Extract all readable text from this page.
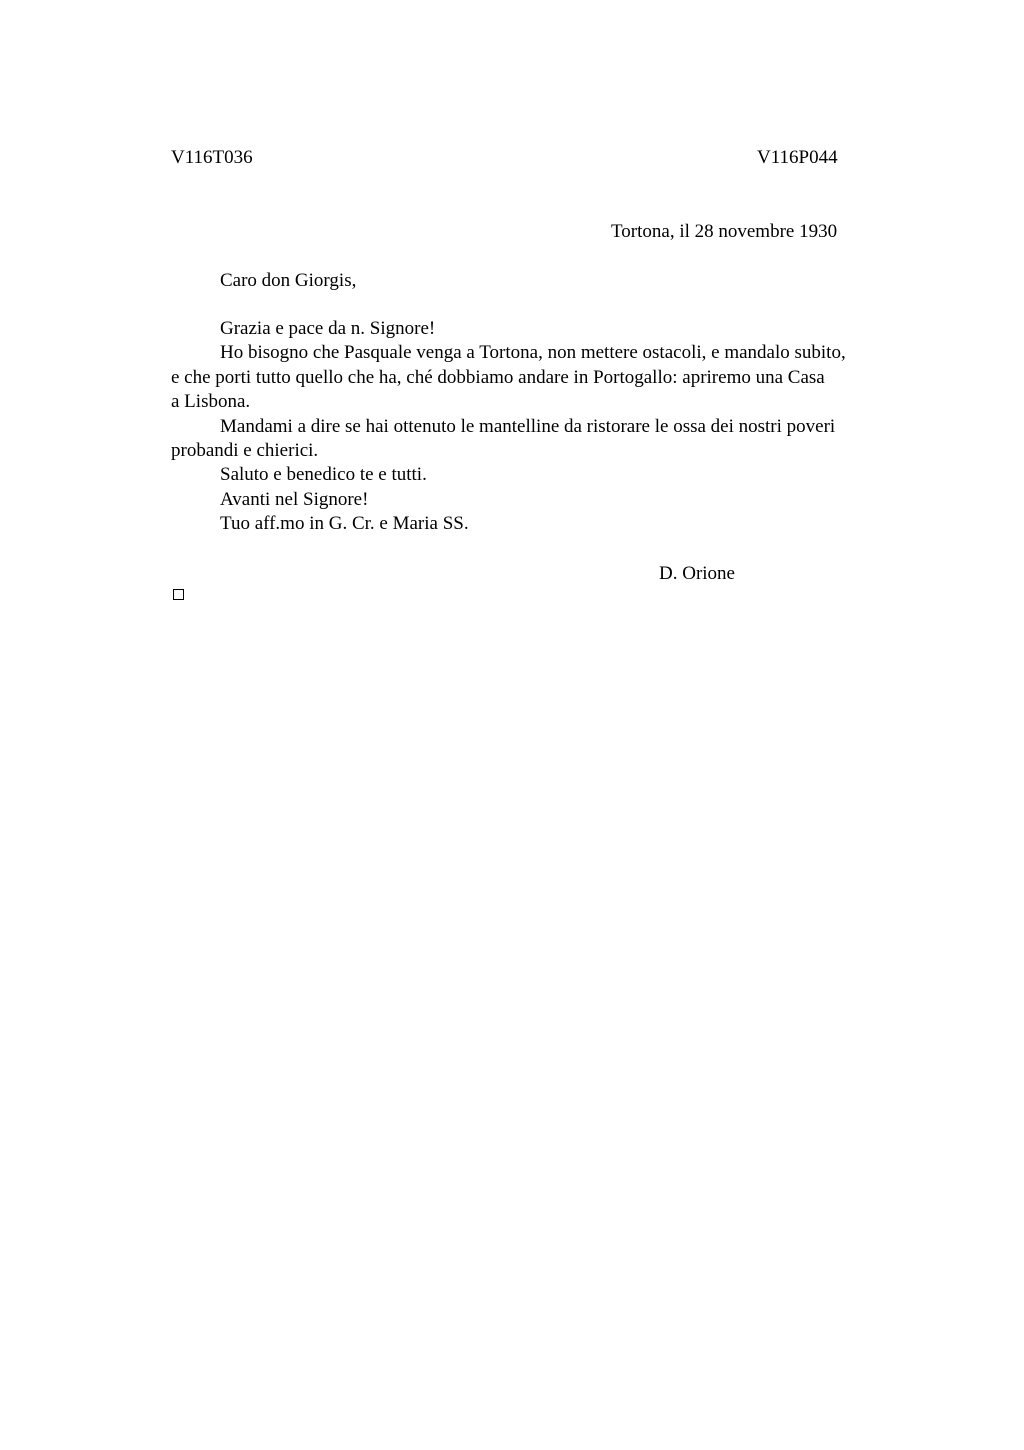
V116T036	V116P044
Tortona, il 28 novembre 1930
Caro don Giorgis,
Grazia e pace da n. Signore!
Ho bisogno che Pasquale venga a Tortona, non mettere ostacoli, e mandalo subito,
e che porti tutto quello che ha, ché dobbiamo andare in Portogallo: apriremo una Casa
a Lisbona.
Mandami a dire se hai ottenuto le mantelline da ristorare le ossa dei nostri poveri
probandi e chierici.
Saluto e benedico te e tutti.
Avanti nel Signore!
Tuo aff.mo in G. Cr. e Maria SS.
D. Orione
